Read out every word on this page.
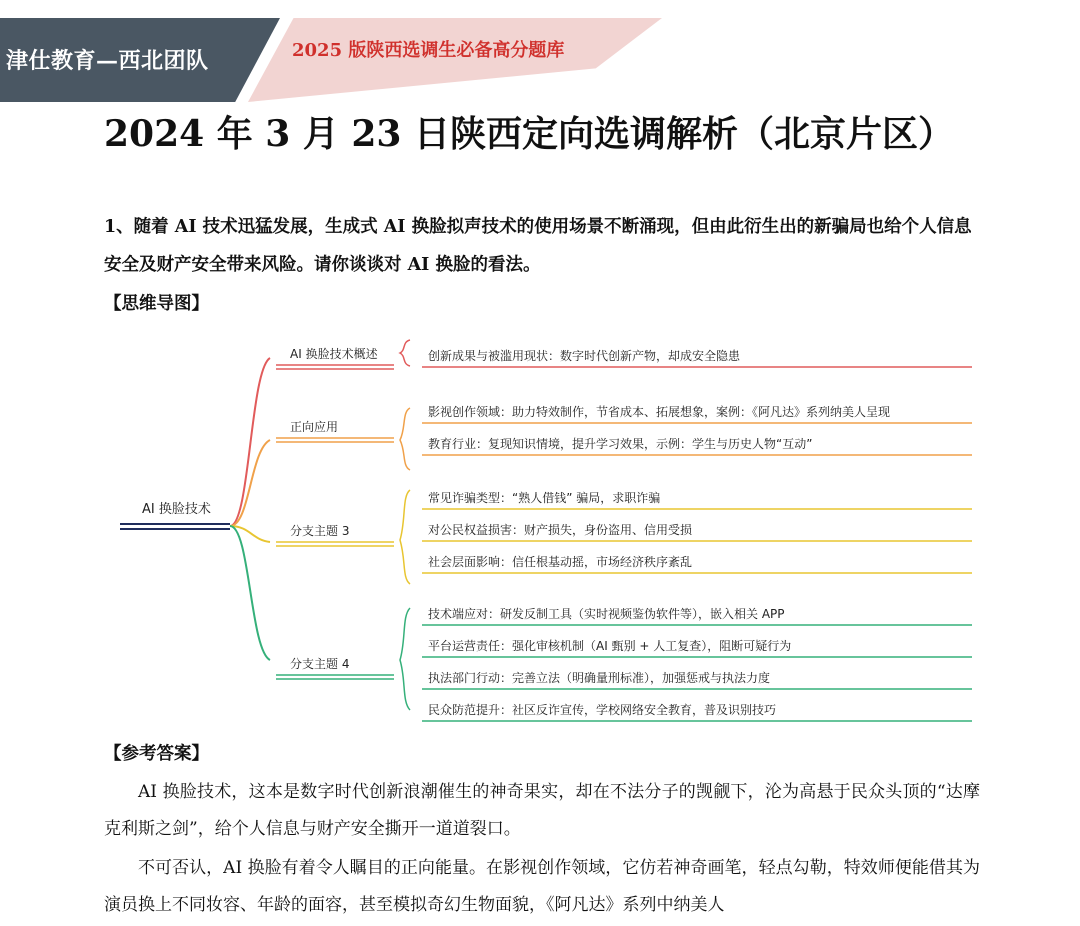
津仕教育—西北团队	2025 版陕西选调生必备高分题库
2024 年 3 月 23 日陕西定向选调解析（北京片区）
1、随着 AI 技术迅猛发展，生成式 AI 换脸拟声技术的使用场景不断涌现，但由此衍生出的新骗局也给个人信息安全及财产安全带来风险。请你谈谈对 AI 换脸的看法。
【思维导图】
AI 换脸技术
AI 换脸技术概述
正向应用
分支主题 3
分支主题 4
创新成果与被滥用现状：数字时代创新产物，却成安全隐患
影视创作领域：助力特效制作，节省成本、拓展想象，案例：《阿凡达》系列纳美人呈现
教育行业：复现知识情境，提升学习效果，示例：学生与历史人物“互动”
常见诈骗类型：“熟人借钱” 骗局，求职诈骗
对公民权益损害：财产损失，身份盗用、信用受损
社会层面影响：信任根基动摇，市场经济秩序紊乱
技术端应对：研发反制工具（实时视频鉴伪软件等），嵌入相关 APP
平台运营责任：强化审核机制（AI 甄别 + 人工复查），阻断可疑行为
执法部门行动：完善立法（明确量刑标准），加强惩戒与执法力度
民众防范提升：社区反诈宣传，学校网络安全教育，普及识别技巧
【参考答案】
AI 换脸技术，这本是数字时代创新浪潮催生的神奇果实，却在不法分子的觊觎下，沦为高悬于民众头顶的“达摩克利斯之剑”，给个人信息与财产安全撕开一道道裂口。
不可否认，AI 换脸有着令人瞩目的正向能量。在影视创作领域，它仿若神奇画笔，轻点勾勒，特效师便能借其为演员换上不同妆容、年龄的面容，甚至模拟奇幻生物面貌，《阿凡达》系列中纳美人
